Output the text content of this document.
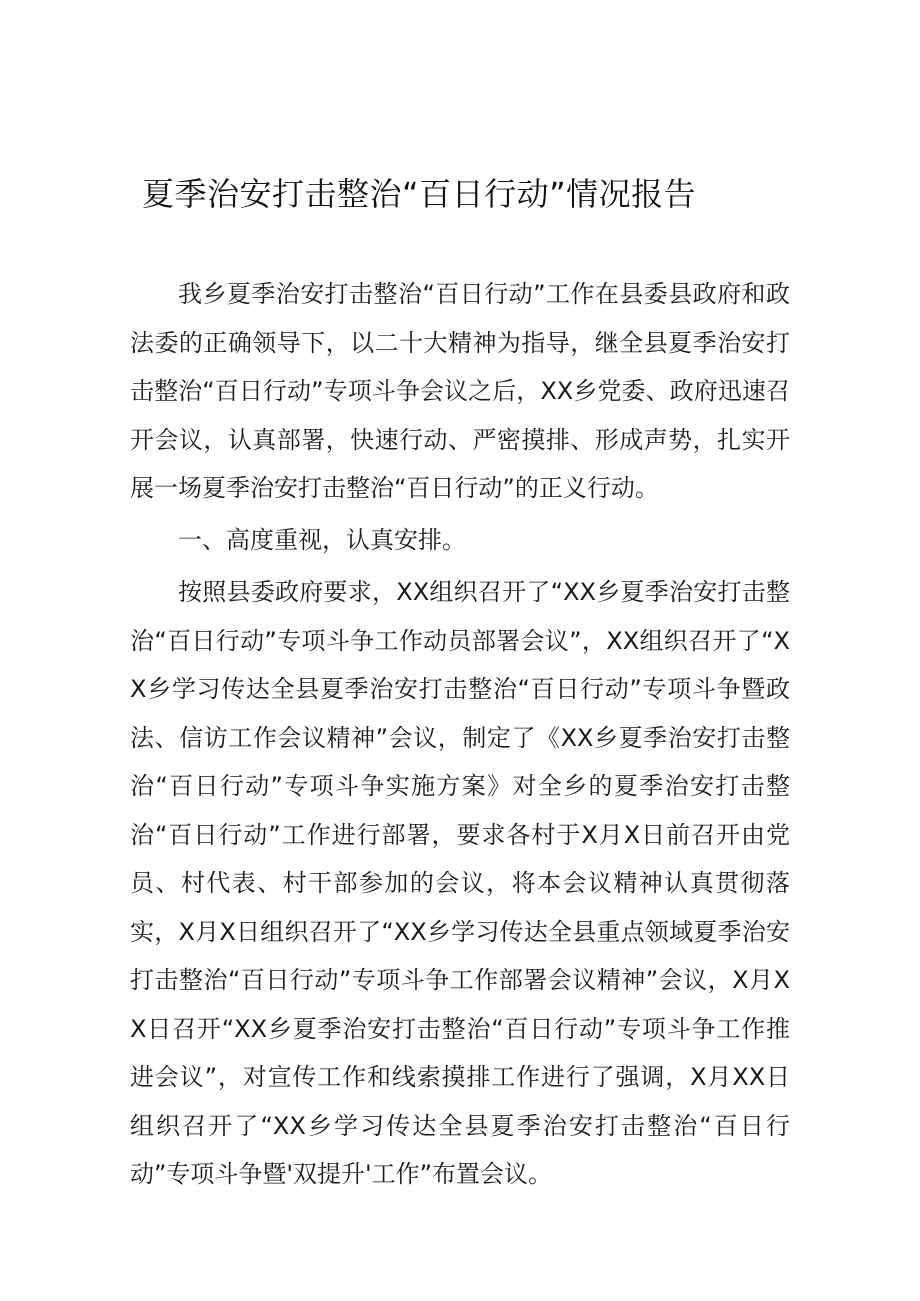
夏季治安打击整治“百日行动”情况报告

我乡夏季治安打击整治“百日行动”工作在县委县政府和政法委的正确领导下，以二十大精神为指导，继全县夏季治安打击整治“百日行动”专项斗争会议之后，XX乡党委、政府迅速召开会议，认真部署，快速行动、严密摸排、形成声势，扎实开展一场夏季治安打击整治“百日行动”的正义行动。

一、高度重视，认真安排。

按照县委政府要求，XX组织召开了“XX乡夏季治安打击整治“百日行动”专项斗争工作动员部署会议”，XX组织召开了“XX乡学习传达全县夏季治安打击整治“百日行动”专项斗争暨政法、信访工作会议精神”会议，制定了《XX乡夏季治安打击整治“百日行动”专项斗争实施方案》对全乡的夏季治安打击整治“百日行动”工作进行部署，要求各村于X月X日前召开由党员、村代表、村干部参加的会议，将本会议精神认真贯彻落实，X月X日组织召开了“XX乡学习传达全县重点领域夏季治安打击整治“百日行动”专项斗争工作部署会议精神”会议，X月XX日召开“XX乡夏季治安打击整治“百日行动”专项斗争工作推进会议”，对宣传工作和线索摸排工作进行了强调，X月XX日组织召开了“XX乡学习传达全县夏季治安打击整治“百日行动”专项斗争暨'双提升'工作”布置会议。
